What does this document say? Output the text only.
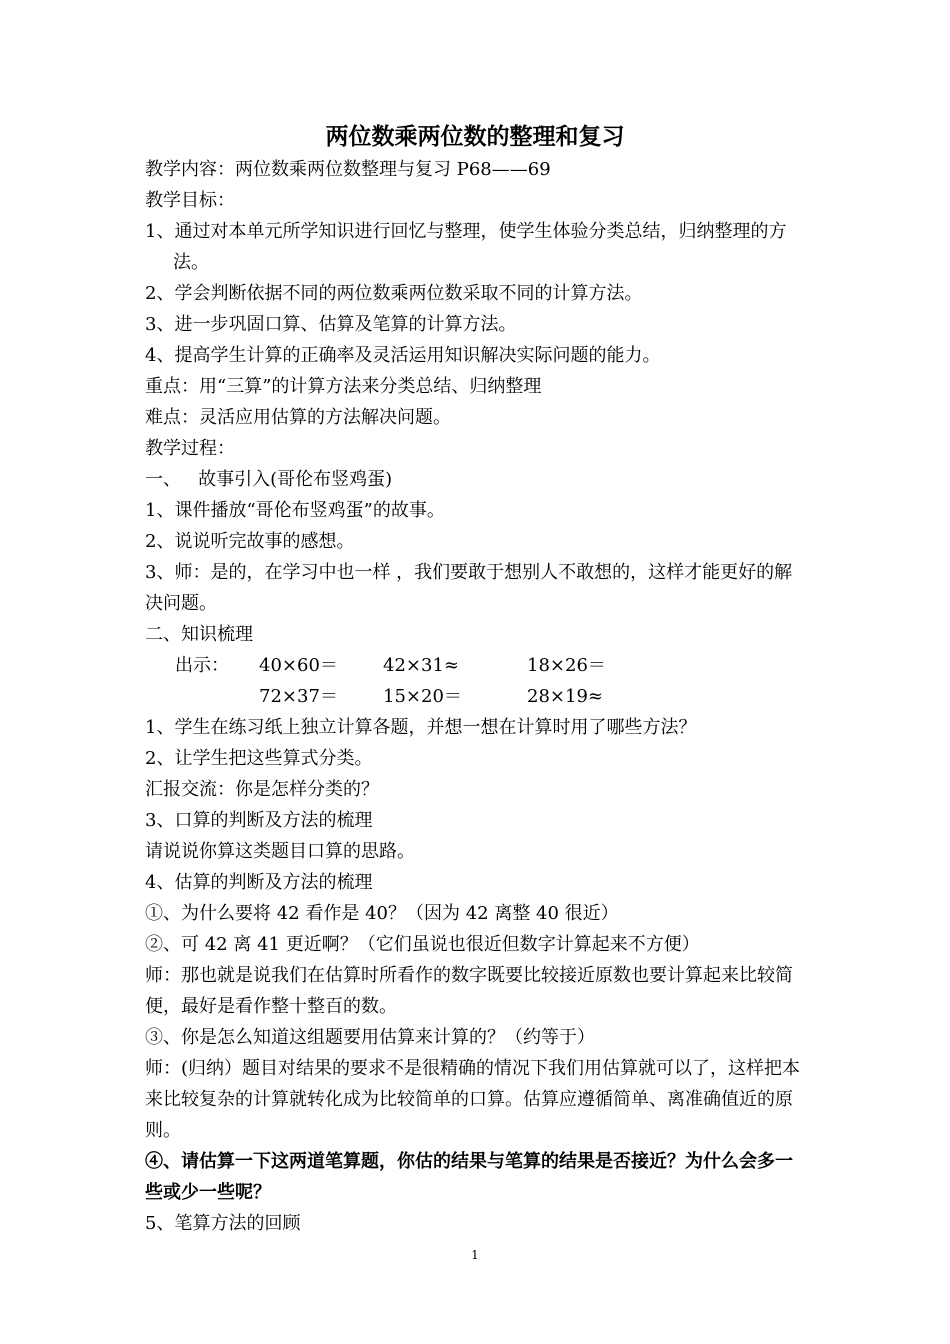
两位数乘两位数的整理和复习

教学内容：两位数乘两位数整理与复习 P68——69

教学目标：

1、通过对本单元所学知识进行回忆与整理，使学生体验分类总结，归纳整理的方法。

2、学会判断依据不同的两位数乘两位数采取不同的计算方法。

3、进一步巩固口算、估算及笔算的计算方法。

4、提高学生计算的正确率及灵活运用知识解决实际问题的能力。

重点：用“三算”的计算方法来分类总结、归纳整理

难点：灵活应用估算的方法解决问题。

教学过程：

一、   故事引入(哥伦布竖鸡蛋)

1、课件播放“哥伦布竖鸡蛋”的故事。

2、说说听完故事的感想。

3、师：是的，在学习中也一样 ，我们要敢于想别人不敢想的，这样才能更好的解决问题。

二、知识梳理

出示： 40×60＝	42×31≈	18×26＝
72×37＝	15×20＝	28×19≈

1、学生在练习纸上独立计算各题，并想一想在计算时用了哪些方法？

2、让学生把这些算式分类。

汇报交流：你是怎样分类的？

3、口算的判断及方法的梳理

请说说你算这类题目口算的思路。

4、估算的判断及方法的梳理

①、为什么要将 42 看作是 40？（因为 42 离整 40 很近）

②、可 42 离 41 更近啊？（它们虽说也很近但数字计算起来不方便）

师：那也就是说我们在估算时所看作的数字既要比较接近原数也要计算起来比较简便，最好是看作整十整百的数。

③、你是怎么知道这组题要用估算来计算的？（约等于）

师：(归纳）题目对结果的要求不是很精确的情况下我们用估算就可以了，这样把本来比较复杂的计算就转化成为比较简单的口算。估算应遵循简单、离准确值近的原则。

④、请估算一下这两道笔算题，你估的结果与笔算的结果是否接近？为什么会多一些或少一些呢？

5、笔算方法的回顾

1
